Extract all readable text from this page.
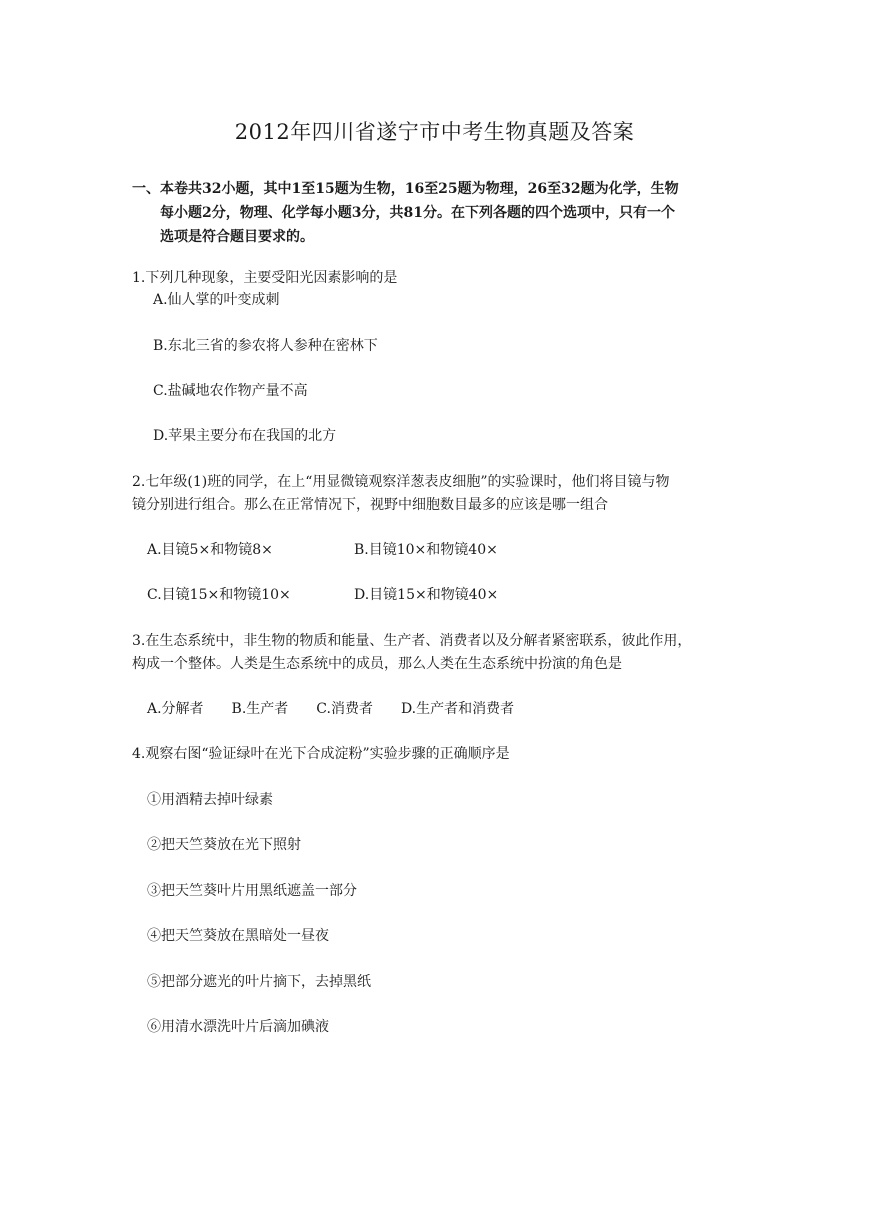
2012年四川省遂宁市中考生物真题及答案
一、本卷共32小题，其中1至15题为生物，16至25题为物理，26至32题为化学，生物
每小题2分，物理、化学每小题3分，共81分。在下列各题的四个选项中，只有一个
选项是符合题目要求的。
1.下列几种现象，主要受阳光因素影响的是
A.仙人掌的叶变成刺
B.东北三省的参农将人参种在密林下
C.盐碱地农作物产量不高
D.苹果主要分布在我国的北方
2.七年级(1)班的同学，在上“用显微镜观察洋葱表皮细胞”的实验课时，他们将目镜与物
镜分别进行组合。那么在正常情况下，视野中细胞数目最多的应该是哪一组合
A.目镜5×和物镜8×	B.目镜10×和物镜40×
C.目镜15×和物镜10×	D.目镜15×和物镜40×
3.在生态系统中，非生物的物质和能量、生产者、消费者以及分解者紧密联系，彼此作用，
构成一个整体。人类是生态系统中的成员，那么人类在生态系统中扮演的角色是
A.分解者　　B.生产者　　C.消费者　　D.生产者和消费者
4.观察右图“验证绿叶在光下合成淀粉”实验步骤的正确顺序是
①用酒精去掉叶绿素
②把天竺葵放在光下照射
③把天竺葵叶片用黑纸遮盖一部分
④把天竺葵放在黑暗处一昼夜
⑤把部分遮光的叶片摘下，去掉黑纸
⑥用清水漂洗叶片后滴加碘液
